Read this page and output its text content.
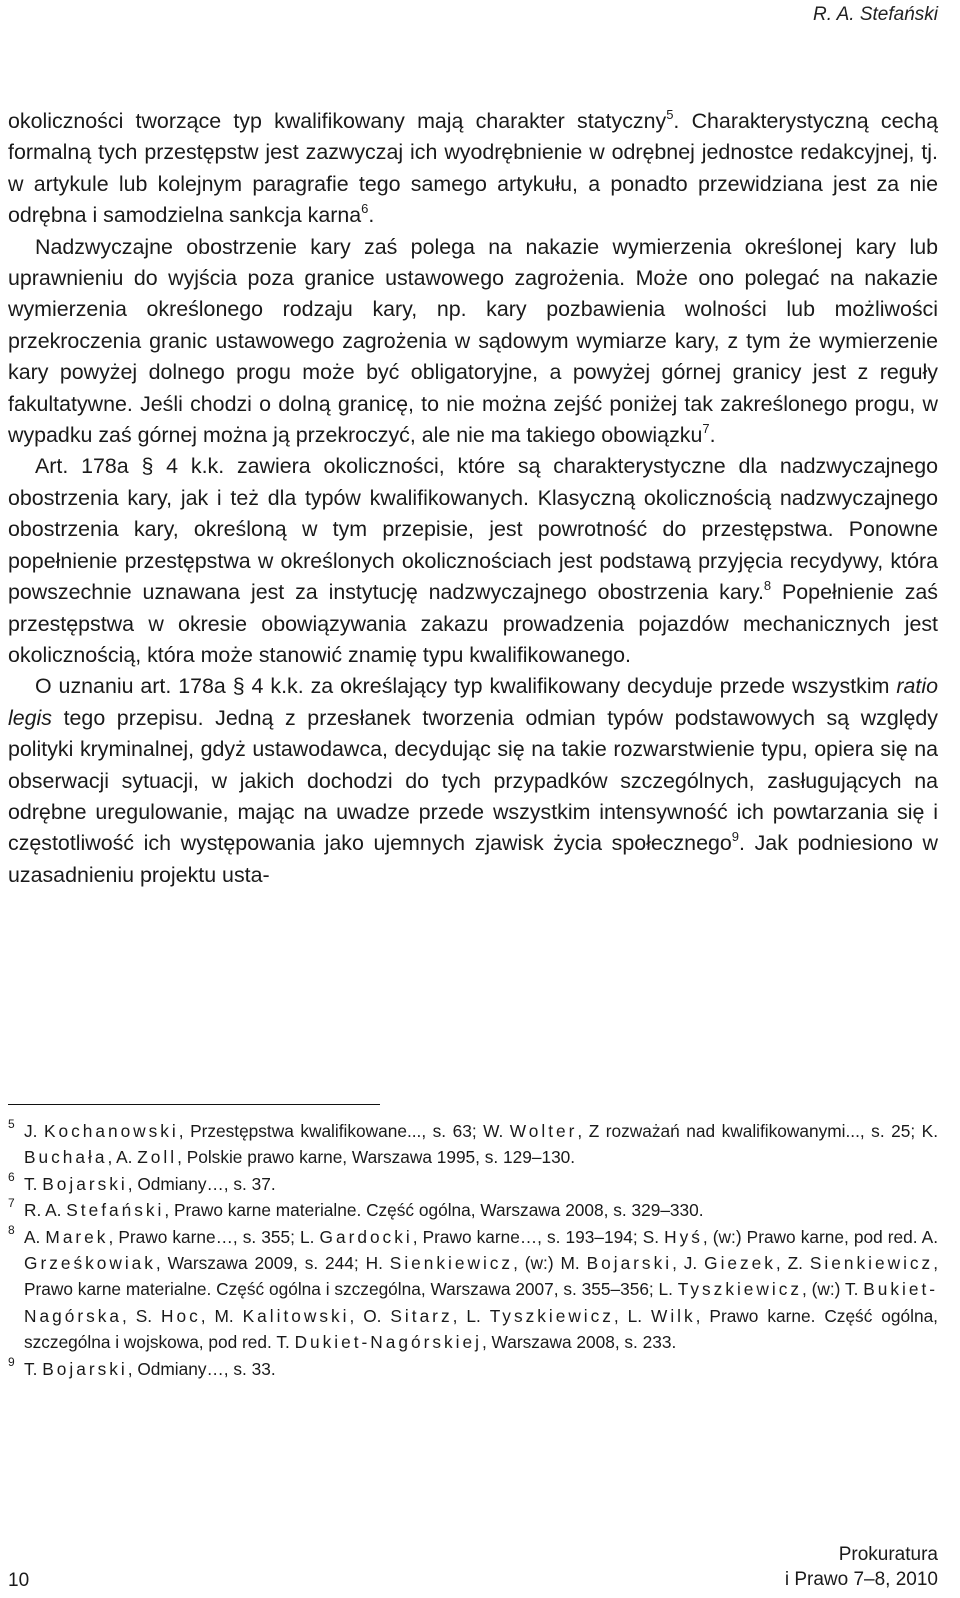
R. A. Stefański

okoliczności tworzące typ kwalifikowany mają charakter statyczny$^5$. Charakterystyczną cechą formalną tych przestępstw jest zazwyczaj ich wyodrębnienie w odrębnej jednostce redakcyjnej, tj. w artykule lub kolejnym paragrafie tego samego artykułu, a ponadto przewidziana jest za nie odrębna i samodzielna sankcja karna$^6$.

Nadzwyczajne obostrzenie kary zaś polega na nakazie wymierzenia określonej kary lub uprawnieniu do wyjścia poza granice ustawowego zagrożenia. Może ono polegać na nakazie wymierzenia określonego rodzaju kary, np. kary pozbawienia wolności lub możliwości przekroczenia granic ustawowego zagrożenia w sądowym wymiarze kary, z tym że wymierzenie kary powyżej dolnego progu może być obligatoryjne, a powyżej górnej granicy jest z reguły fakultatywne. Jeśli chodzi o dolną granicę, to nie można zejść poniżej tak zakreślonego progu, w wypadku zaś górnej można ją przekroczyć, ale nie ma takiego obowiązku$^7$.

Art. 178a § 4 k.k. zawiera okoliczności, które są charakterystyczne dla nadzwyczajnego obostrzenia kary, jak i też dla typów kwalifikowanych. Klasyczną okolicznością nadzwyczajnego obostrzenia kary, określoną w tym przepisie, jest powrotność do przestępstwa. Ponowne popełnienie przestępstwa w określonych okolicznościach jest podstawą przyjęcia recydywy, która powszechnie uznawana jest za instytucję nadzwyczajnego obostrzenia kary.$^8$ Popełnienie zaś przestępstwa w okresie obowiązywania zakazu prowadzenia pojazdów mechanicznych jest okolicznością, która może stanowić znamię typu kwalifikowanego.

O uznaniu art. 178a § 4 k.k. za określający typ kwalifikowany decyduje przede wszystkim ratio legis tego przepisu. Jedną z przesłanek tworzenia odmian typów podstawowych są względy polityki kryminalnej, gdyż ustawodawca, decydując się na takie rozwarstwienie typu, opiera się na obserwacji sytuacji, w jakich dochodzi do tych przypadków szczególnych, zasługujących na odrębne uregulowanie, mając na uwadze przede wszystkim intensywność ich powtarzania się i częstotliwość ich występowania jako ujemnych zjawisk życia społecznego$^9$. Jak podniesiono w uzasadnieniu projektu usta-

5 J. Kochanowski, Przestępstwa kwalifikowane..., s. 63; W. Wolter, Z rozważań nad kwalifikowanymi..., s. 25; K. Buchała, A. Zoll, Polskie prawo karne, Warszawa 1995, s. 129–130.
6 T. Bojarski, Odmiany…, s. 37.
7 R. A. Stefański, Prawo karne materialne. Część ogólna, Warszawa 2008, s. 329–330.
8 A. Marek, Prawo karne…, s. 355; L. Gardocki, Prawo karne…, s. 193–194; S. Hyś, (w:) Prawo karne, pod red. A. Grześkowiak, Warszawa 2009, s. 244; H. Sienkiewicz, (w:) M. Bojarski, J. Giezek, Z. Sienkiewicz, Prawo karne materialne. Część ogólna i szczególna, Warszawa 2007, s. 355–356; L. Tyszkiewicz, (w:) T. Bukiet-Nagórska, S. Hoc, M. Kalitowski, O. Sitarz, L. Tyszkiewicz, L. Wilk, Prawo karne. Część ogólna, szczególna i wojskowa, pod red. T. Dukiet-Nagórskiej, Warszawa 2008, s. 233.
9 T. Bojarski, Odmiany…, s. 33.
10
Prokuratura
i Prawo 7–8, 2010
